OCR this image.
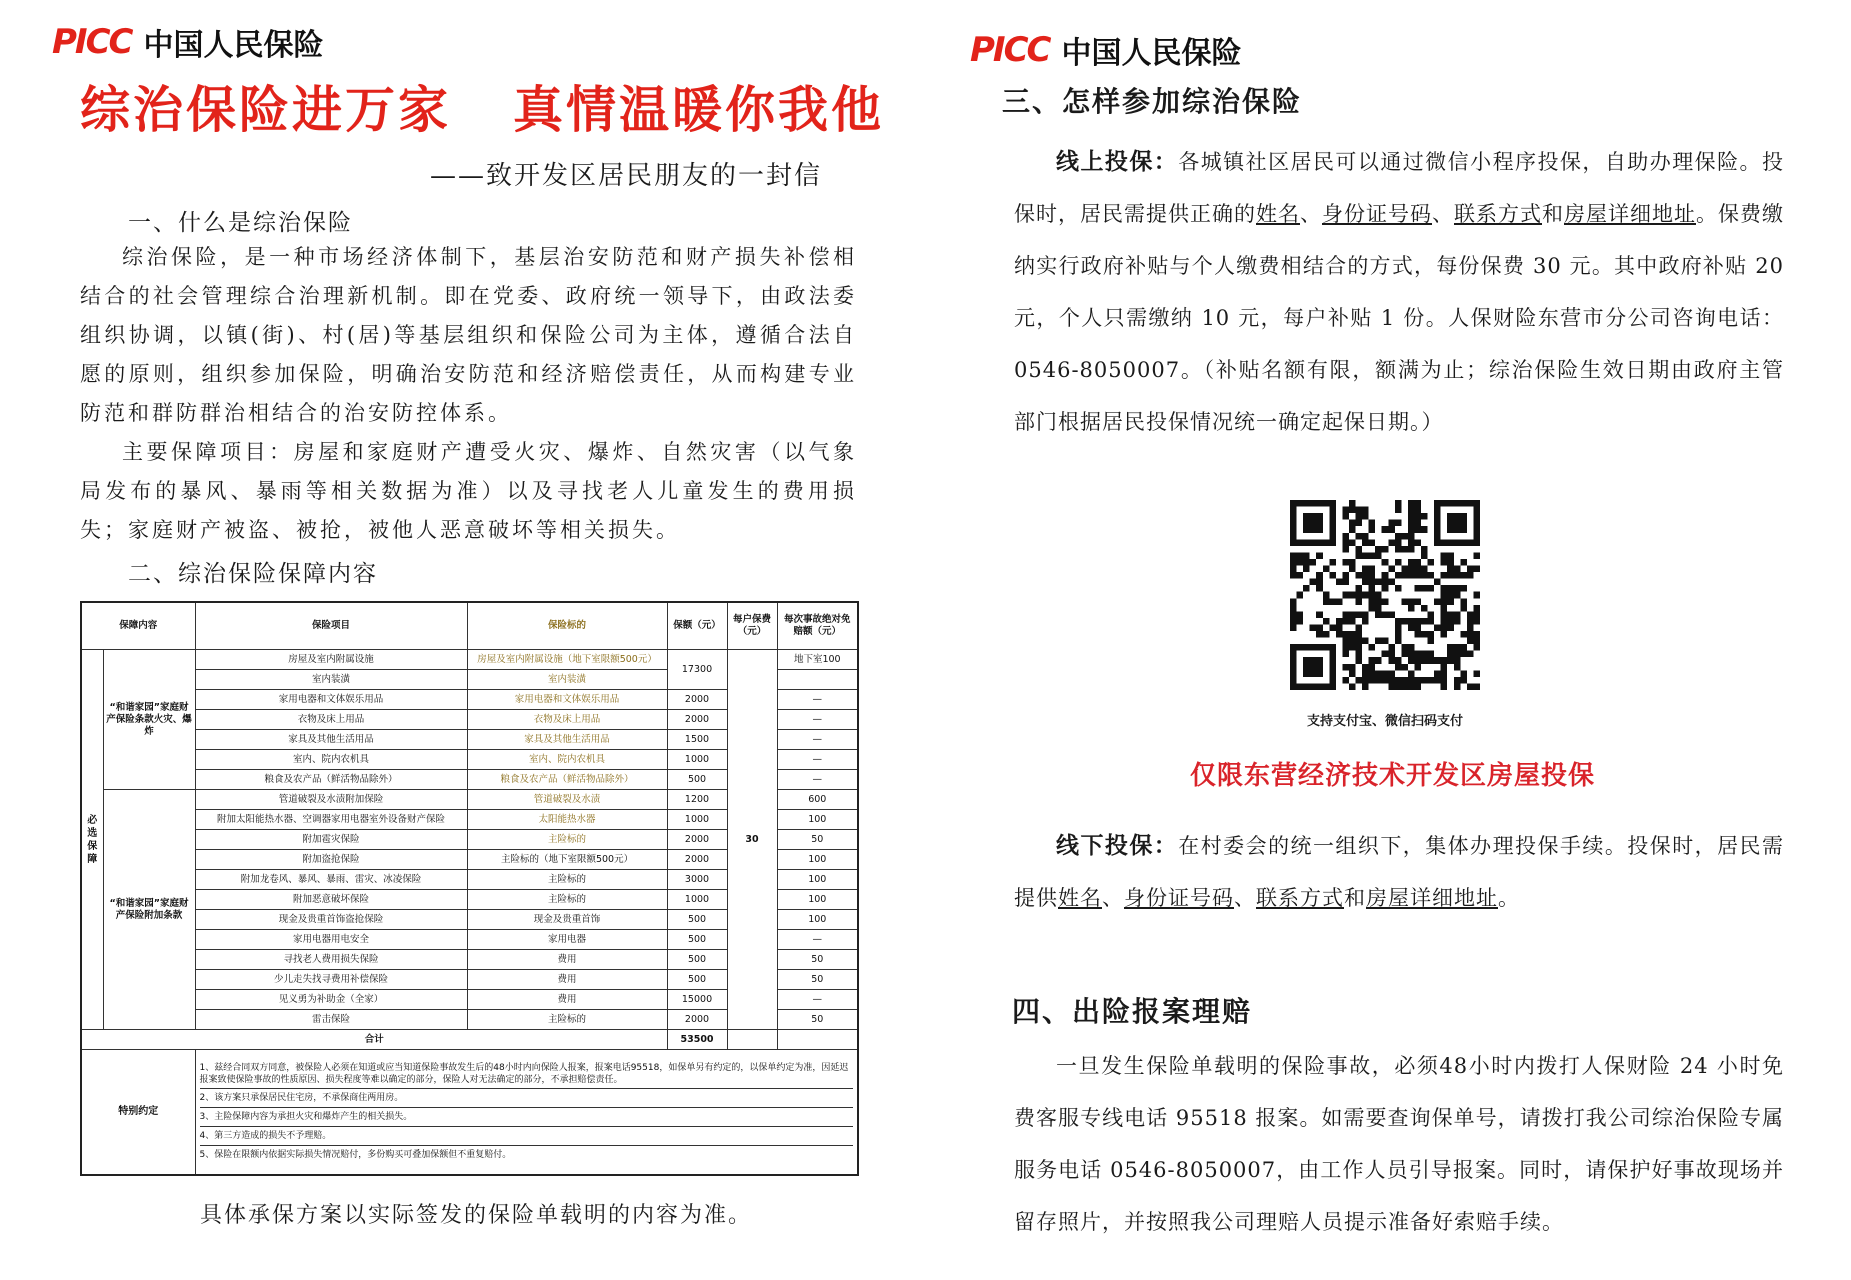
PICC 中国人民保险
综治保险进万家 真情温暖你我他
——致开发区居民朋友的一封信
一、什么是综治保险
综治保险，是一种市场经济体制下，基层治安防范和财产损失补偿相结合的社会管理综合治理新机制。即在党委、政府统一领导下，由政法委组织协调，以镇(街)、村(居)等基层组织和保险公司为主体，遵循合法自愿的原则，组织参加保险，明确治安防范和经济赔偿责任，从而构建专业防范和群防群治相结合的治安防控体系。
主要保障项目：房屋和家庭财产遭受火灾、爆炸、自然灾害（以气象局发布的暴风、暴雨等相关数据为准）以及寻找老人儿童发生的费用损失；家庭财产被盗、被抢，被他人恶意破坏等相关损失。
二、综治保险保障内容
保障内容		保险项目	保险标的	保额（元）	每户保费（元）	每次事故绝对免赔额（元）
必选保障	“和谐家园”家庭财产保险条款火灾、爆炸	房屋及室内附属设施	房屋及室内附属设施（地下室限额500元）	17300	30	地下室100
		室内装潢	室内装潢			
		家用电器和文体娱乐用品	家用电器和文体娱乐用品	2000		—
		衣物及床上用品	衣物及床上用品	2000		—
		家具及其他生活用品	家具及其他生活用品	1500		—
		室内、院内农机具	室内、院内农机具	1000		—
		粮食及农产品（鲜活物品除外）	粮食及农产品（鲜活物品除外）	500		—
	“和谐家园”家庭财产保险附加条款	管道破裂及水渍附加保险	管道破裂及水渍	1200		600
		附加太阳能热水器、空调器家用电器室外设备财产保险	太阳能热水器	1000		100
		附加雹灾保险	主险标的	2000		50
		附加盗抢保险	主险标的（地下室限额500元）	2000		100
		附加龙卷风、暴风、暴雨、雷灾、冰凌保险	主险标的	3000		100
		附加恶意破坏保险	主险标的	1000		100
		现金及贵重首饰盗抢保险	现金及贵重首饰	500		100
		家用电器用电安全	家用电器	500		—
		寻找老人费用损失保险	费用	500		50
		少儿走失找寻费用补偿保险	费用	500		50
		见义勇为补助金（全家）	费用	15000		—
		雷击保险	主险标的	2000		50
合计				53500		
特别约定		1、兹经合同双方同意，被保险人必须在知道或应当知道保险事故发生后的48小时内向保险人报案，报案电话95518，如保单另有约定的，以保单约定为准，因延迟报案致使保险事故的性质原因、损失程度等难以确定的部分，保险人对无法确定的部分，不承担赔偿责任。
2、该方案只承保居民住宅房，不承保商住两用房。
3、主险保障内容为承担火灾和爆炸产生的相关损失。
4、第三方造成的损失不予理赔。
5、保险在限额内依据实际损失情况赔付，多份购买可叠加保额但不重复赔付。				
具体承保方案以实际签发的保险单载明的内容为准。
PICC 中国人民保险
三、怎样参加综治保险
线上投保：各城镇社区居民可以通过微信小程序投保，自助办理保险。投保时，居民需提供正确的姓名、身份证号码、联系方式和房屋详细地址。保费缴纳实行政府补贴与个人缴费相结合的方式，每份保费 30 元。其中政府补贴 20 元，个人只需缴纳 10 元，每户补贴 1 份。人保财险东营市分公司咨询电话：0546-8050007。（补贴名额有限，额满为止；综治保险生效日期由政府主管部门根据居民投保情况统一确定起保日期。）
支持支付宝、微信扫码支付
仅限东营经济技术开发区房屋投保
线下投保：在村委会的统一组织下，集体办理投保手续。投保时，居民需提供姓名、身份证号码、联系方式和房屋详细地址。
四、出险报案理赔
一旦发生保险单载明的保险事故，必须48小时内拨打人保财险 24 小时免费客服专线电话 95518 报案。如需要查询保单号，请拨打我公司综治保险专属服务电话 0546-8050007，由工作人员引导报案。同时，请保护好事故现场并留存照片，并按照我公司理赔人员提示准备好索赔手续。
